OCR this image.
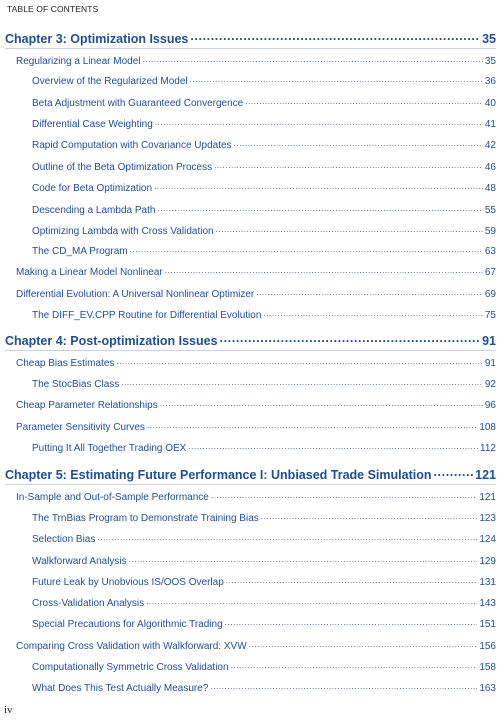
TABLE OF CONTENTS
Chapter 3: Optimization Issues .....	35
Regularizing a Linear Model .....	35
Overview of the Regularized Model .....	36
Beta Adjustment with Guaranteed Convergence .....	40
Differential Case Weighting .....	41
Rapid Computation with Covariance Updates .....	42
Outline of the Beta Optimization Process .....	46
Code for Beta Optimization .....	48
Descending a Lambda Path .....	55
Optimizing Lambda with Cross Validation .....	59
The CD_MA Program .....	63
Making a Linear Model Nonlinear .....	67
Differential Evolution: A Universal Nonlinear Optimizer .....	69
The DIFF_EV.CPP Routine for Differential Evolution .....	75
Chapter 4: Post-optimization Issues .....	91
Cheap Bias Estimates .....	91
The StocBias Class .....	92
Cheap Parameter Relationships .....	96
Parameter Sensitivity Curves .....	108
Putting It All Together Trading OEX .....	112
Chapter 5: Estimating Future Performance I: Unbiased Trade Simulation .....	121
In-Sample and Out-of-Sample Performance .....	121
The TrnBias Program to Demonstrate Training Bias .....	123
Selection Bias .....	124
Walkforward Analysis .....	129
Future Leak by Unobvious IS/OOS Overlap .....	131
Cross-Validation Analysis .....	143
Special Precautions for Algorithmic Trading .....	151
Comparing Cross Validation with Walkforward: XVW .....	156
Computationally Symmetric Cross Validation .....	158
What Does This Test Actually Measure? .....	163
iv
